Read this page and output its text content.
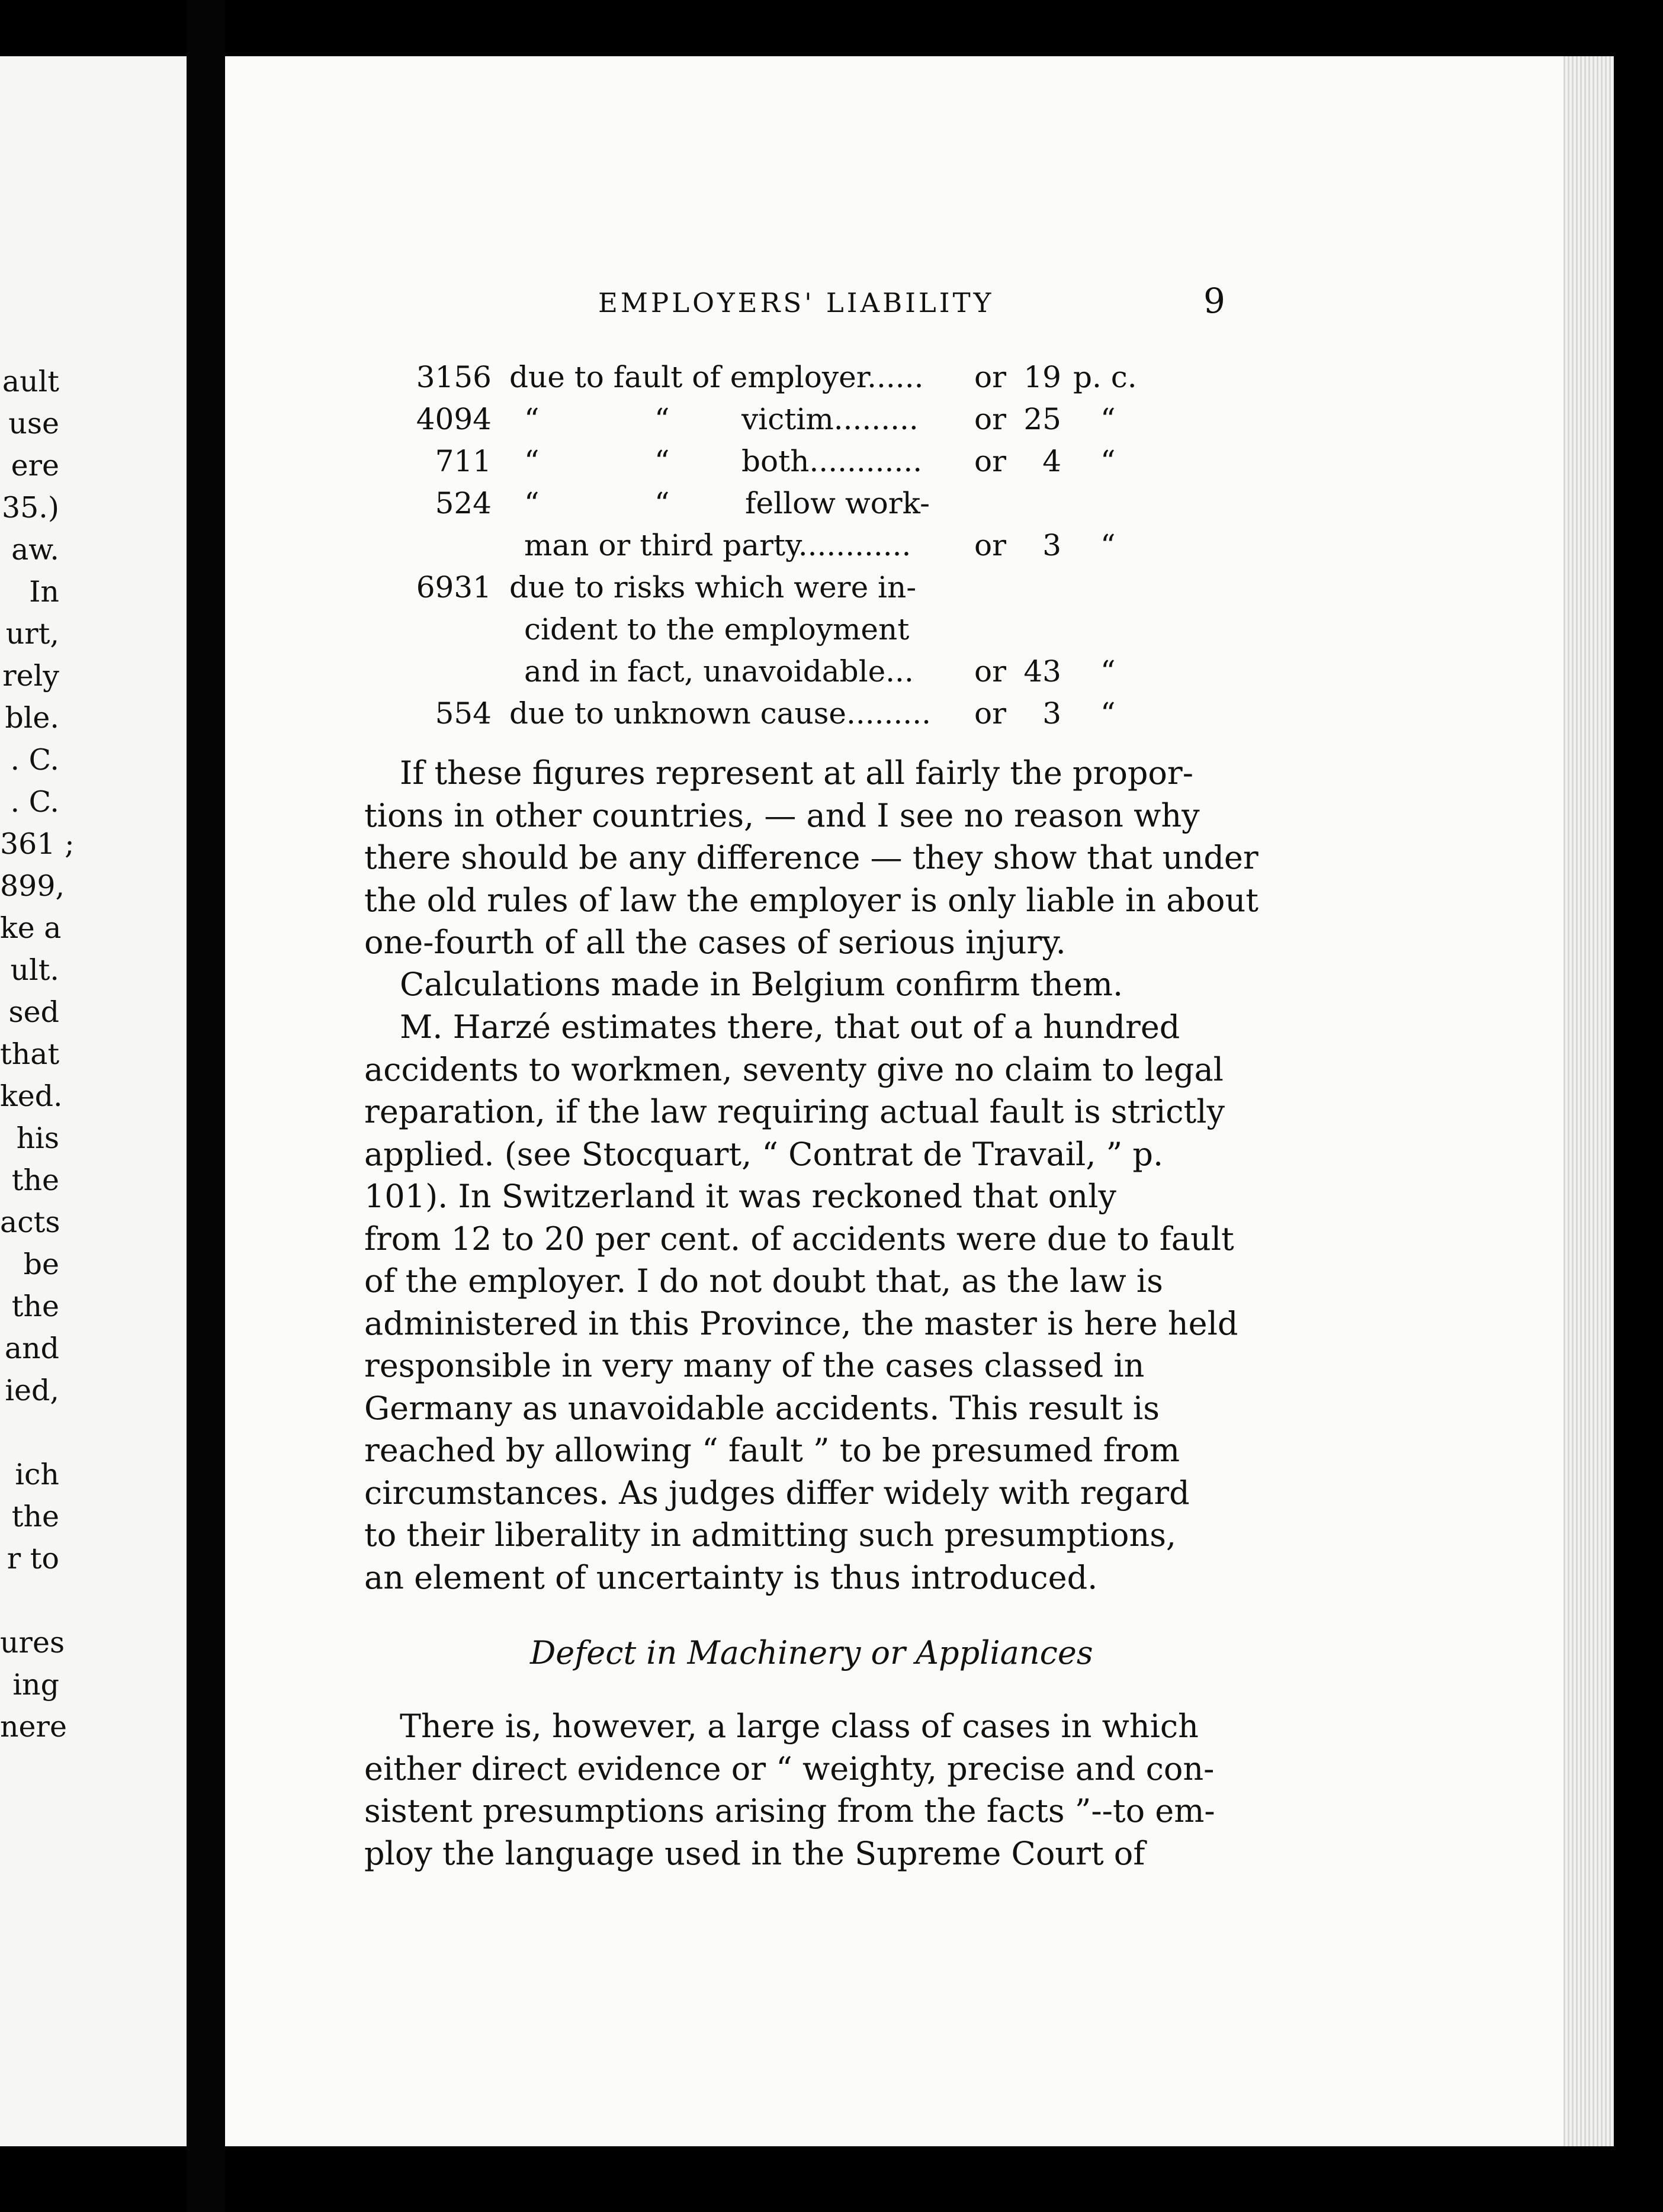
ault
use
ere
35.)
aw.
In
urt,
rely
ble.
. C.
. C.
361 ;
899,
ke a
ult.
sed
that
ked.
his
the
acts
be
the
and
ied,
ich
the
r to
ures
ing
nere
EMPLOYERS' LIABILITY	9
3156 due to fault of employer...... or 19 p. c.
4094 “	“ victim......... or 25 “
711 “	“ both............ or	4 “
524 “	“	fellow work-
man or third party............ or	3 “
6931 due to risks which were in-
cident to the employment
and in fact, unavoidable... or 43 “
554 due to unknown cause......... or	3 “
If these figures represent at all fairly the propor-
tions in other countries, — and I see no reason why
there should be any difference — they show that under
the old rules of law the employer is only liable in about
one-fourth of all the cases of serious injury.
Calculations made in Belgium confirm them.
M. Harzé estimates there, that out of a hundred
accidents to workmen, seventy give no claim to legal
reparation, if the law requiring actual fault is strictly
applied. (see Stocquart, “ Contrat de Travail, ” p.
101). In Switzerland it was reckoned that only
from 12 to 20 per cent. of accidents were due to fault
of the employer. I do not doubt that, as the law is
administered in this Province, the master is here held
responsible in very many of the cases classed in
Germany as unavoidable accidents. This result is
reached by allowing “ fault ” to be presumed from
circumstances. As judges differ widely with regard
to their liberality in admitting such presumptions,
an element of uncertainty is thus introduced.
Defect in Machinery or Appliances
There is, however, a large class of cases in which
either direct evidence or “ weighty, precise and con-
sistent presumptions arising from the facts ”--to em-
ploy the language used in the Supreme Court of
